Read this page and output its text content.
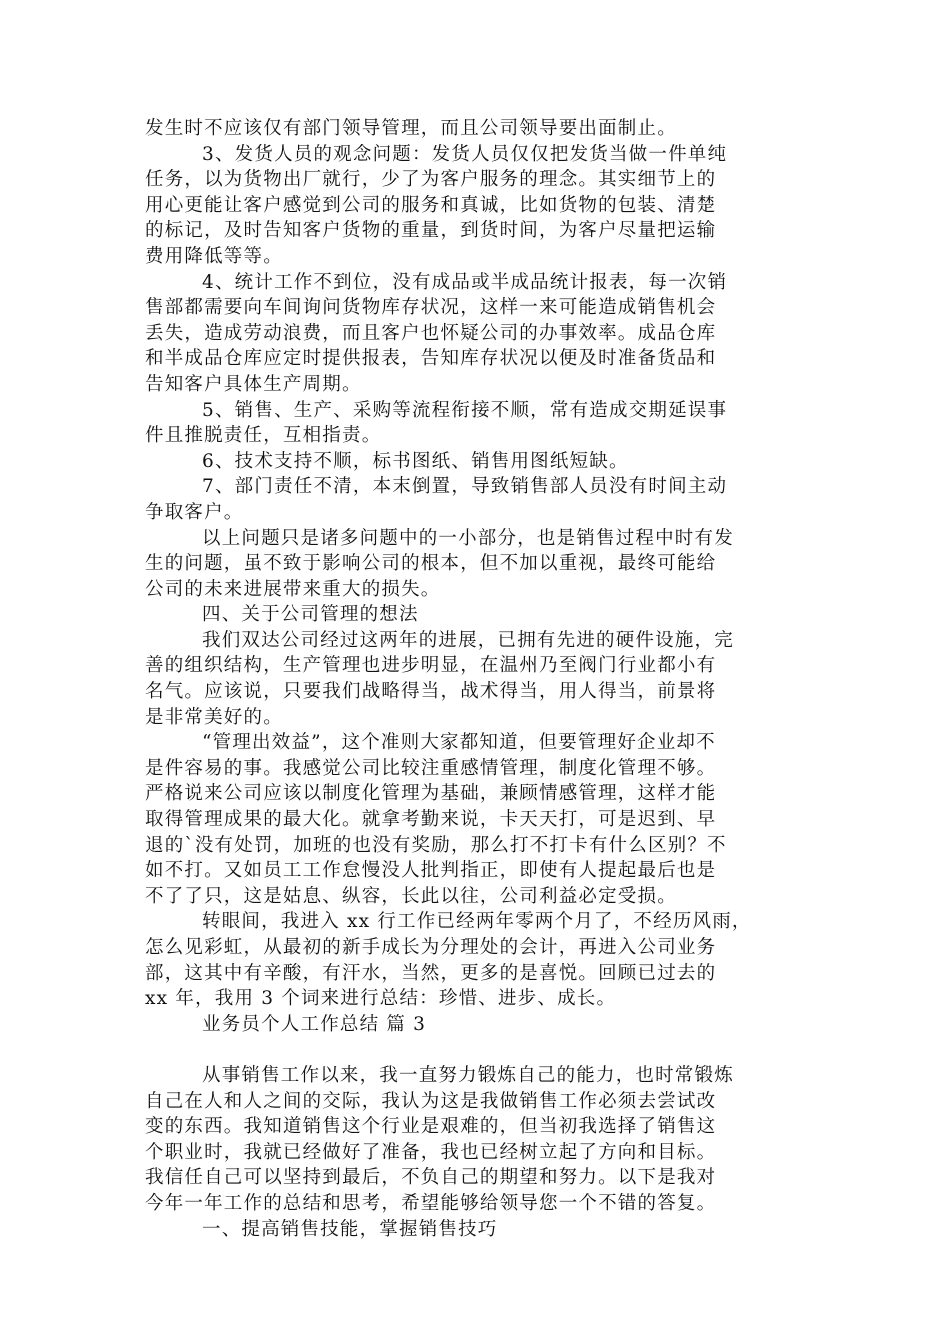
发生时不应该仅有部门领导管理，而且公司领导要出面制止。
3、发货人员的观念问题：发货人员仅仅把发货当做一件单纯
任务，以为货物出厂就行，少了为客户服务的理念。其实细节上的
用心更能让客户感觉到公司的服务和真诚，比如货物的包装、清楚
的标记，及时告知客户货物的重量，到货时间，为客户尽量把运输
费用降低等等。
4、统计工作不到位，没有成品或半成品统计报表，每一次销
售部都需要向车间询问货物库存状况，这样一来可能造成销售机会
丢失，造成劳动浪费，而且客户也怀疑公司的办事效率。成品仓库
和半成品仓库应定时提供报表，告知库存状况以便及时准备货品和
告知客户具体生产周期。
5、销售、生产、采购等流程衔接不顺，常有造成交期延误事
件且推脱责任，互相指责。
6、技术支持不顺，标书图纸、销售用图纸短缺。
7、部门责任不清，本末倒置，导致销售部人员没有时间主动
争取客户。
以上问题只是诸多问题中的一小部分，也是销售过程中时有发
生的问题，虽不致于影响公司的根本，但不加以重视，最终可能给
公司的未来进展带来重大的损失。
四、关于公司管理的想法
我们双达公司经过这两年的进展，已拥有先进的硬件设施，完
善的组织结构，生产管理也进步明显，在温州乃至阀门行业都小有
名气。应该说，只要我们战略得当，战术得当，用人得当，前景将
是非常美好的。
“管理出效益”，这个准则大家都知道，但要管理好企业却不
是件容易的事。我感觉公司比较注重感情管理，制度化管理不够。
严格说来公司应该以制度化管理为基础，兼顾情感管理，这样才能
取得管理成果的最大化。就拿考勤来说，卡天天打，可是迟到、早
退的`没有处罚，加班的也没有奖励，那么打不打卡有什么区别？不
如不打。又如员工工作怠慢没人批判指正，即使有人提起最后也是
不了了只，这是姑息、纵容，长此以往，公司利益必定受损。
转眼间，我进入 xx 行工作已经两年零两个月了，不经历风雨，
怎么见彩虹，从最初的新手成长为分理处的会计，再进入公司业务
部，这其中有辛酸，有汗水，当然，更多的是喜悦。回顾已过去的
xx 年，我用 3 个词来进行总结：珍惜、进步、成长。
业务员个人工作总结 篇 3
从事销售工作以来，我一直努力锻炼自己的能力，也时常锻炼
自己在人和人之间的交际，我认为这是我做销售工作必须去尝试改
变的东西。我知道销售这个行业是艰难的，但当初我选择了销售这
个职业时，我就已经做好了准备，我也已经树立起了方向和目标。
我信任自己可以坚持到最后，不负自己的期望和努力。以下是我对
今年一年工作的总结和思考，希望能够给领导您一个不错的答复。
一、提高销售技能，掌握销售技巧
